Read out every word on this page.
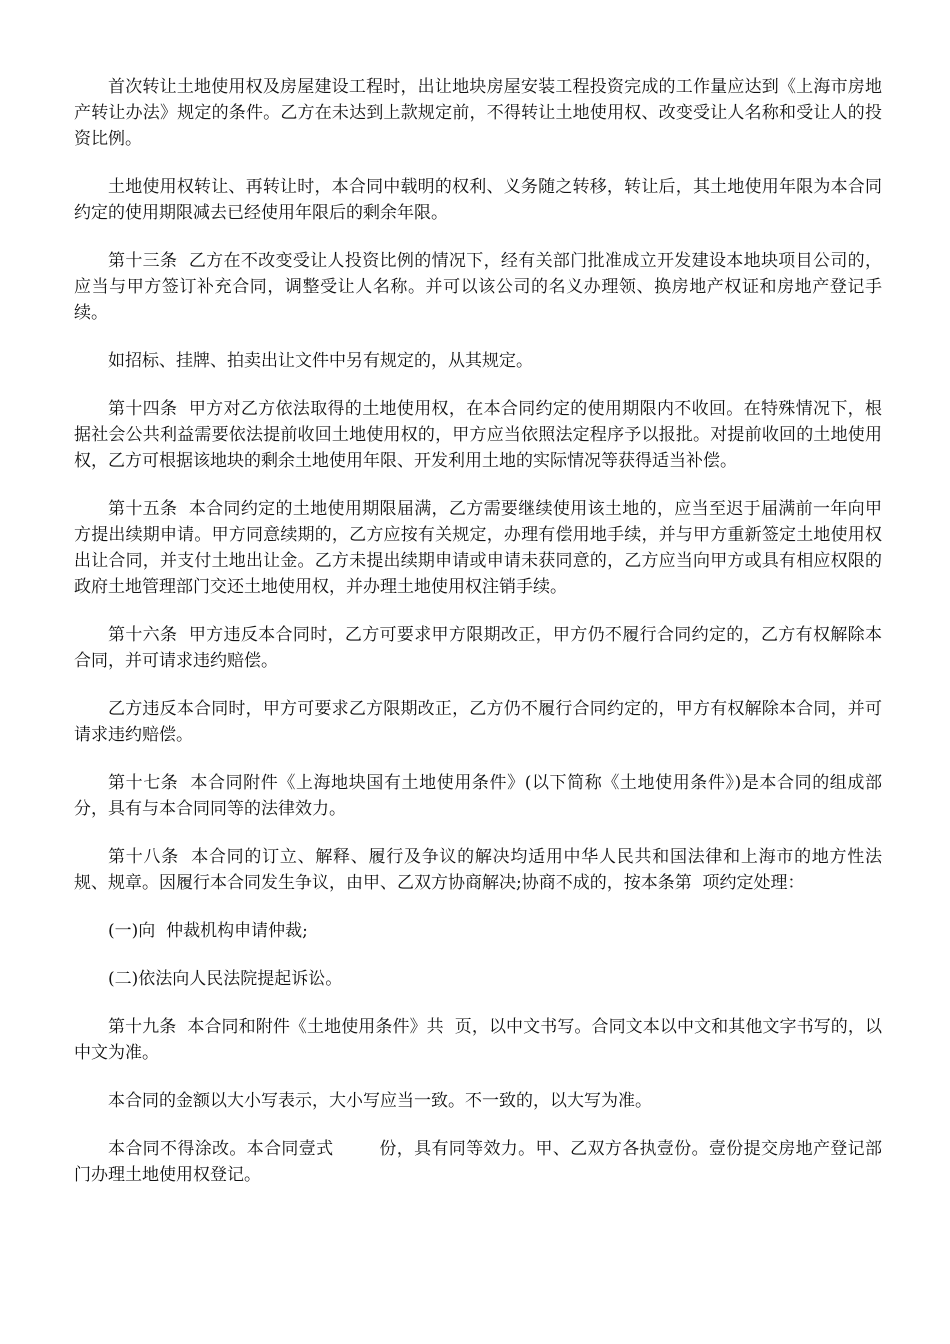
首次转让土地使用权及房屋建设工程时，出让地块房屋安装工程投资完成的工作量应达到《上海市房地产转让办法》规定的条件。乙方在未达到上款规定前，不得转让土地使用权、改变受让人名称和受让人的投资比例。

土地使用权转让、再转让时，本合同中载明的权利、义务随之转移，转让后，其土地使用年限为本合同约定的使用期限减去已经使用年限后的剩余年限。

第十三条  乙方在不改变受让人投资比例的情况下，经有关部门批准成立开发建设本地块项目公司的，应当与甲方签订补充合同，调整受让人名称。并可以该公司的名义办理领、换房地产权证和房地产登记手续。

如招标、挂牌、拍卖出让文件中另有规定的，从其规定。

第十四条  甲方对乙方依法取得的土地使用权，在本合同约定的使用期限内不收回。在特殊情况下，根据社会公共利益需要依法提前收回土地使用权的，甲方应当依照法定程序予以报批。对提前收回的土地使用权，乙方可根据该地块的剩余土地使用年限、开发利用土地的实际情况等获得适当补偿。

第十五条  本合同约定的土地使用期限届满，乙方需要继续使用该土地的，应当至迟于届满前一年向甲方提出续期申请。甲方同意续期的，乙方应按有关规定，办理有偿用地手续，并与甲方重新签定土地使用权出让合同，并支付土地出让金。乙方未提出续期申请或申请未获同意的，乙方应当向甲方或具有相应权限的政府土地管理部门交还土地使用权，并办理土地使用权注销手续。

第十六条  甲方违反本合同时，乙方可要求甲方限期改正，甲方仍不履行合同约定的，乙方有权解除本合同，并可请求违约赔偿。

乙方违反本合同时，甲方可要求乙方限期改正，乙方仍不履行合同约定的，甲方有权解除本合同，并可请求违约赔偿。

第十七条  本合同附件《上海地块国有土地使用条件》(以下简称《土地使用条件》)是本合同的组成部分，具有与本合同同等的法律效力。

第十八条  本合同的订立、解释、履行及争议的解决均适用中华人民共和国法律和上海市的地方性法规、规章。因履行本合同发生争议，由甲、乙双方协商解决;协商不成的，按本条第  项约定处理：

(一)向  仲裁机构申请仲裁;

(二)依法向人民法院提起诉讼。

第十九条  本合同和附件《土地使用条件》共  页，以中文书写。合同文本以中文和其他文字书写的，以中文为准。

本合同的金额以大小写表示，大小写应当一致。不一致的，以大写为准。

本合同不得涂改。本合同壹式        份，具有同等效力。甲、乙双方各执壹份。壹份提交房地产登记部门办理土地使用权登记。
